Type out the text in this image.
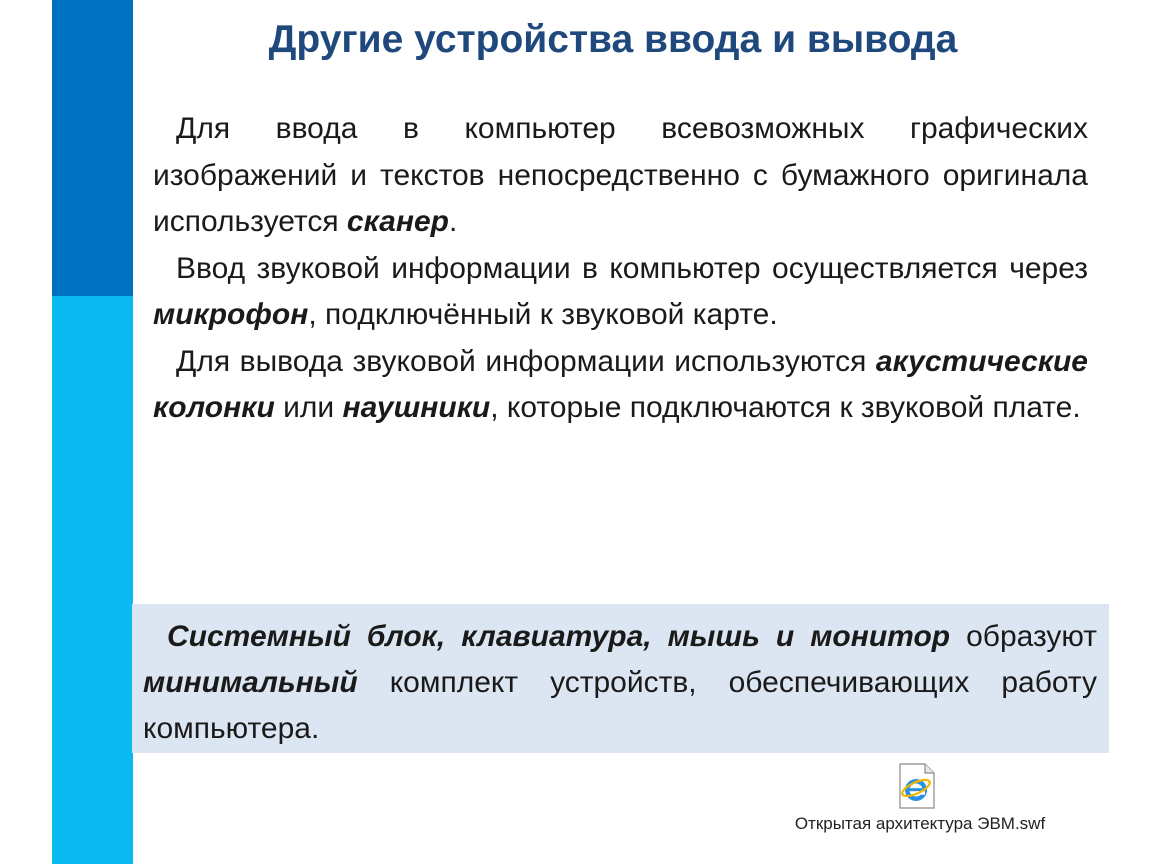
Другие устройства ввода и вывода

Для ввода в компьютер всевозможных графических изображений и текстов непосредственно с бумажного оригинала используется сканер.

Ввод звуковой информации в компьютер осуществляется через микрофон, подключённый к звуковой карте.

Для вывода звуковой информации используются акустические колонки или наушники, которые подключаются к звуковой плате.

Системный блок, клавиатура, мышь и монитор образуют минимальный комплект устройств, обеспечивающих работу компьютера.

Открытая архитектура ЭВМ.swf
